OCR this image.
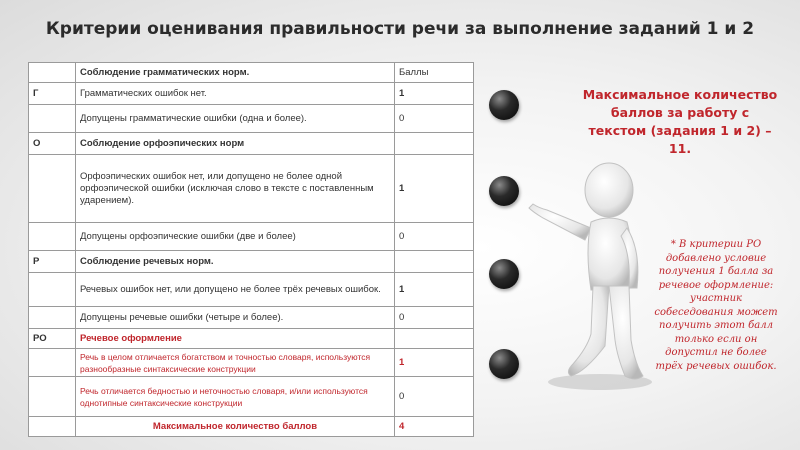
Критерии оценивания правильности речи за выполнение заданий 1 и 2
	Соблюдение грамматических норм.	Баллы
Г	Грамматических ошибок нет.	1
	Допущены грамматические ошибки (одна и более).	0
О	Соблюдение орфоэпических норм	
	Орфоэпических ошибок нет, или допущено не более одной орфоэпической ошибки (исключая слово в тексте с поставленным ударением).	1
	Допущены орфоэпические ошибки (две и более)	0
Р	Соблюдение речевых норм.	
	Речевых ошибок нет, или допущено не более трёх речевых ошибок.	1
	Допущены речевые ошибки (четыре и более).	0
РО	Речевое оформление	
	Речь в целом отличается богатством и точностью словаря, используются разнообразные синтаксические конструкции	1
	Речь отличается бедностью и неточностью словаря, и/или используются однотипные синтаксические конструкции	0
	Максимальное количество баллов	4
Максимальное количество баллов за работу с текстом (задания 1 и 2) – 11.
* В критерии РО добавлено условие получения 1 балла за речевое оформление: участник собеседования может получить этот балл только если он допустил не более трёх речевых ошибок.
